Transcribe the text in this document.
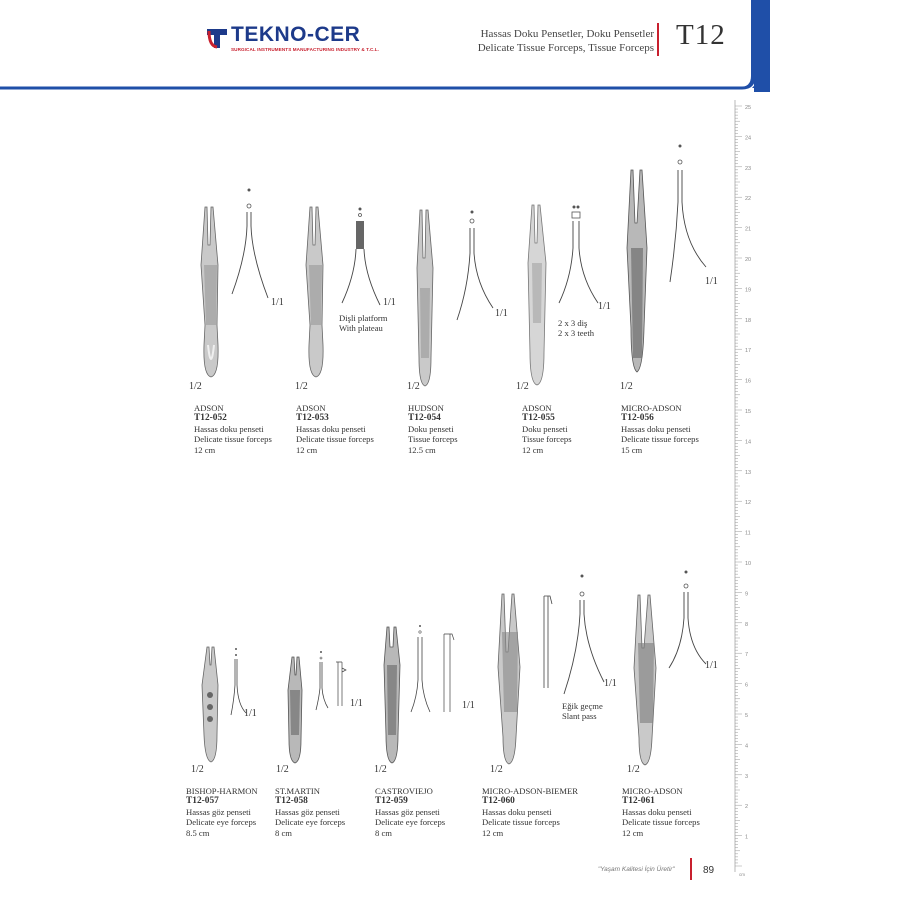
TEKNO-CER
SURGICAL INSTRUMENTS MANUFACTURING INDUSTRY & T.C.L.
Hassas Doku Pensetler, Doku Pensetler
Delicate Tissue Forceps, Tissue Forceps T12
25
24
23
22
21
20
19
18
17
16
15
14
13
12
11
10
9
8
7
6
5
4
3
2
1
cm
1/2
1/1
ADSON
T12-052
Hassas doku penseti
Delicate tissue forceps
12 cm
1/2
1/1
Dişli platform
With plateau
ADSON
T12-053
Hassas doku penseti
Delicate tissue forceps
12 cm
1/2
1/1
HUDSON
T12-054
Doku penseti
Tissue forceps
12.5 cm
1/2
1/1
2 x 3 diş
2 x 3 teeth
ADSON
T12-055
Doku penseti
Tissue forceps
12 cm
1/2
1/1
MICRO-ADSON
T12-056
Hassas doku penseti
Delicate tissue forceps
15 cm
1/2
1/1
BISHOP-HARMON
T12-057
Hassas göz penseti
Delicate eye forceps
8.5 cm
1/2
1/1
ST.MARTIN
T12-058
Hassas göz penseti
Delicate eye forceps
8 cm
1/2
1/1
CASTROVIEJO
T12-059
Hassas göz penseti
Delicate eye forceps
8 cm
1/2
1/1
Eğik geçme
Slant pass
MICRO-ADSON-BIEMER
T12-060
Hassas doku penseti
Delicate tissue forceps
12 cm
1/2
1/1
MICRO-ADSON
T12-061
Hassas doku penseti
Delicate tissue forceps
12 cm
"Yaşam Kalitesi İçin Üretir"	89
